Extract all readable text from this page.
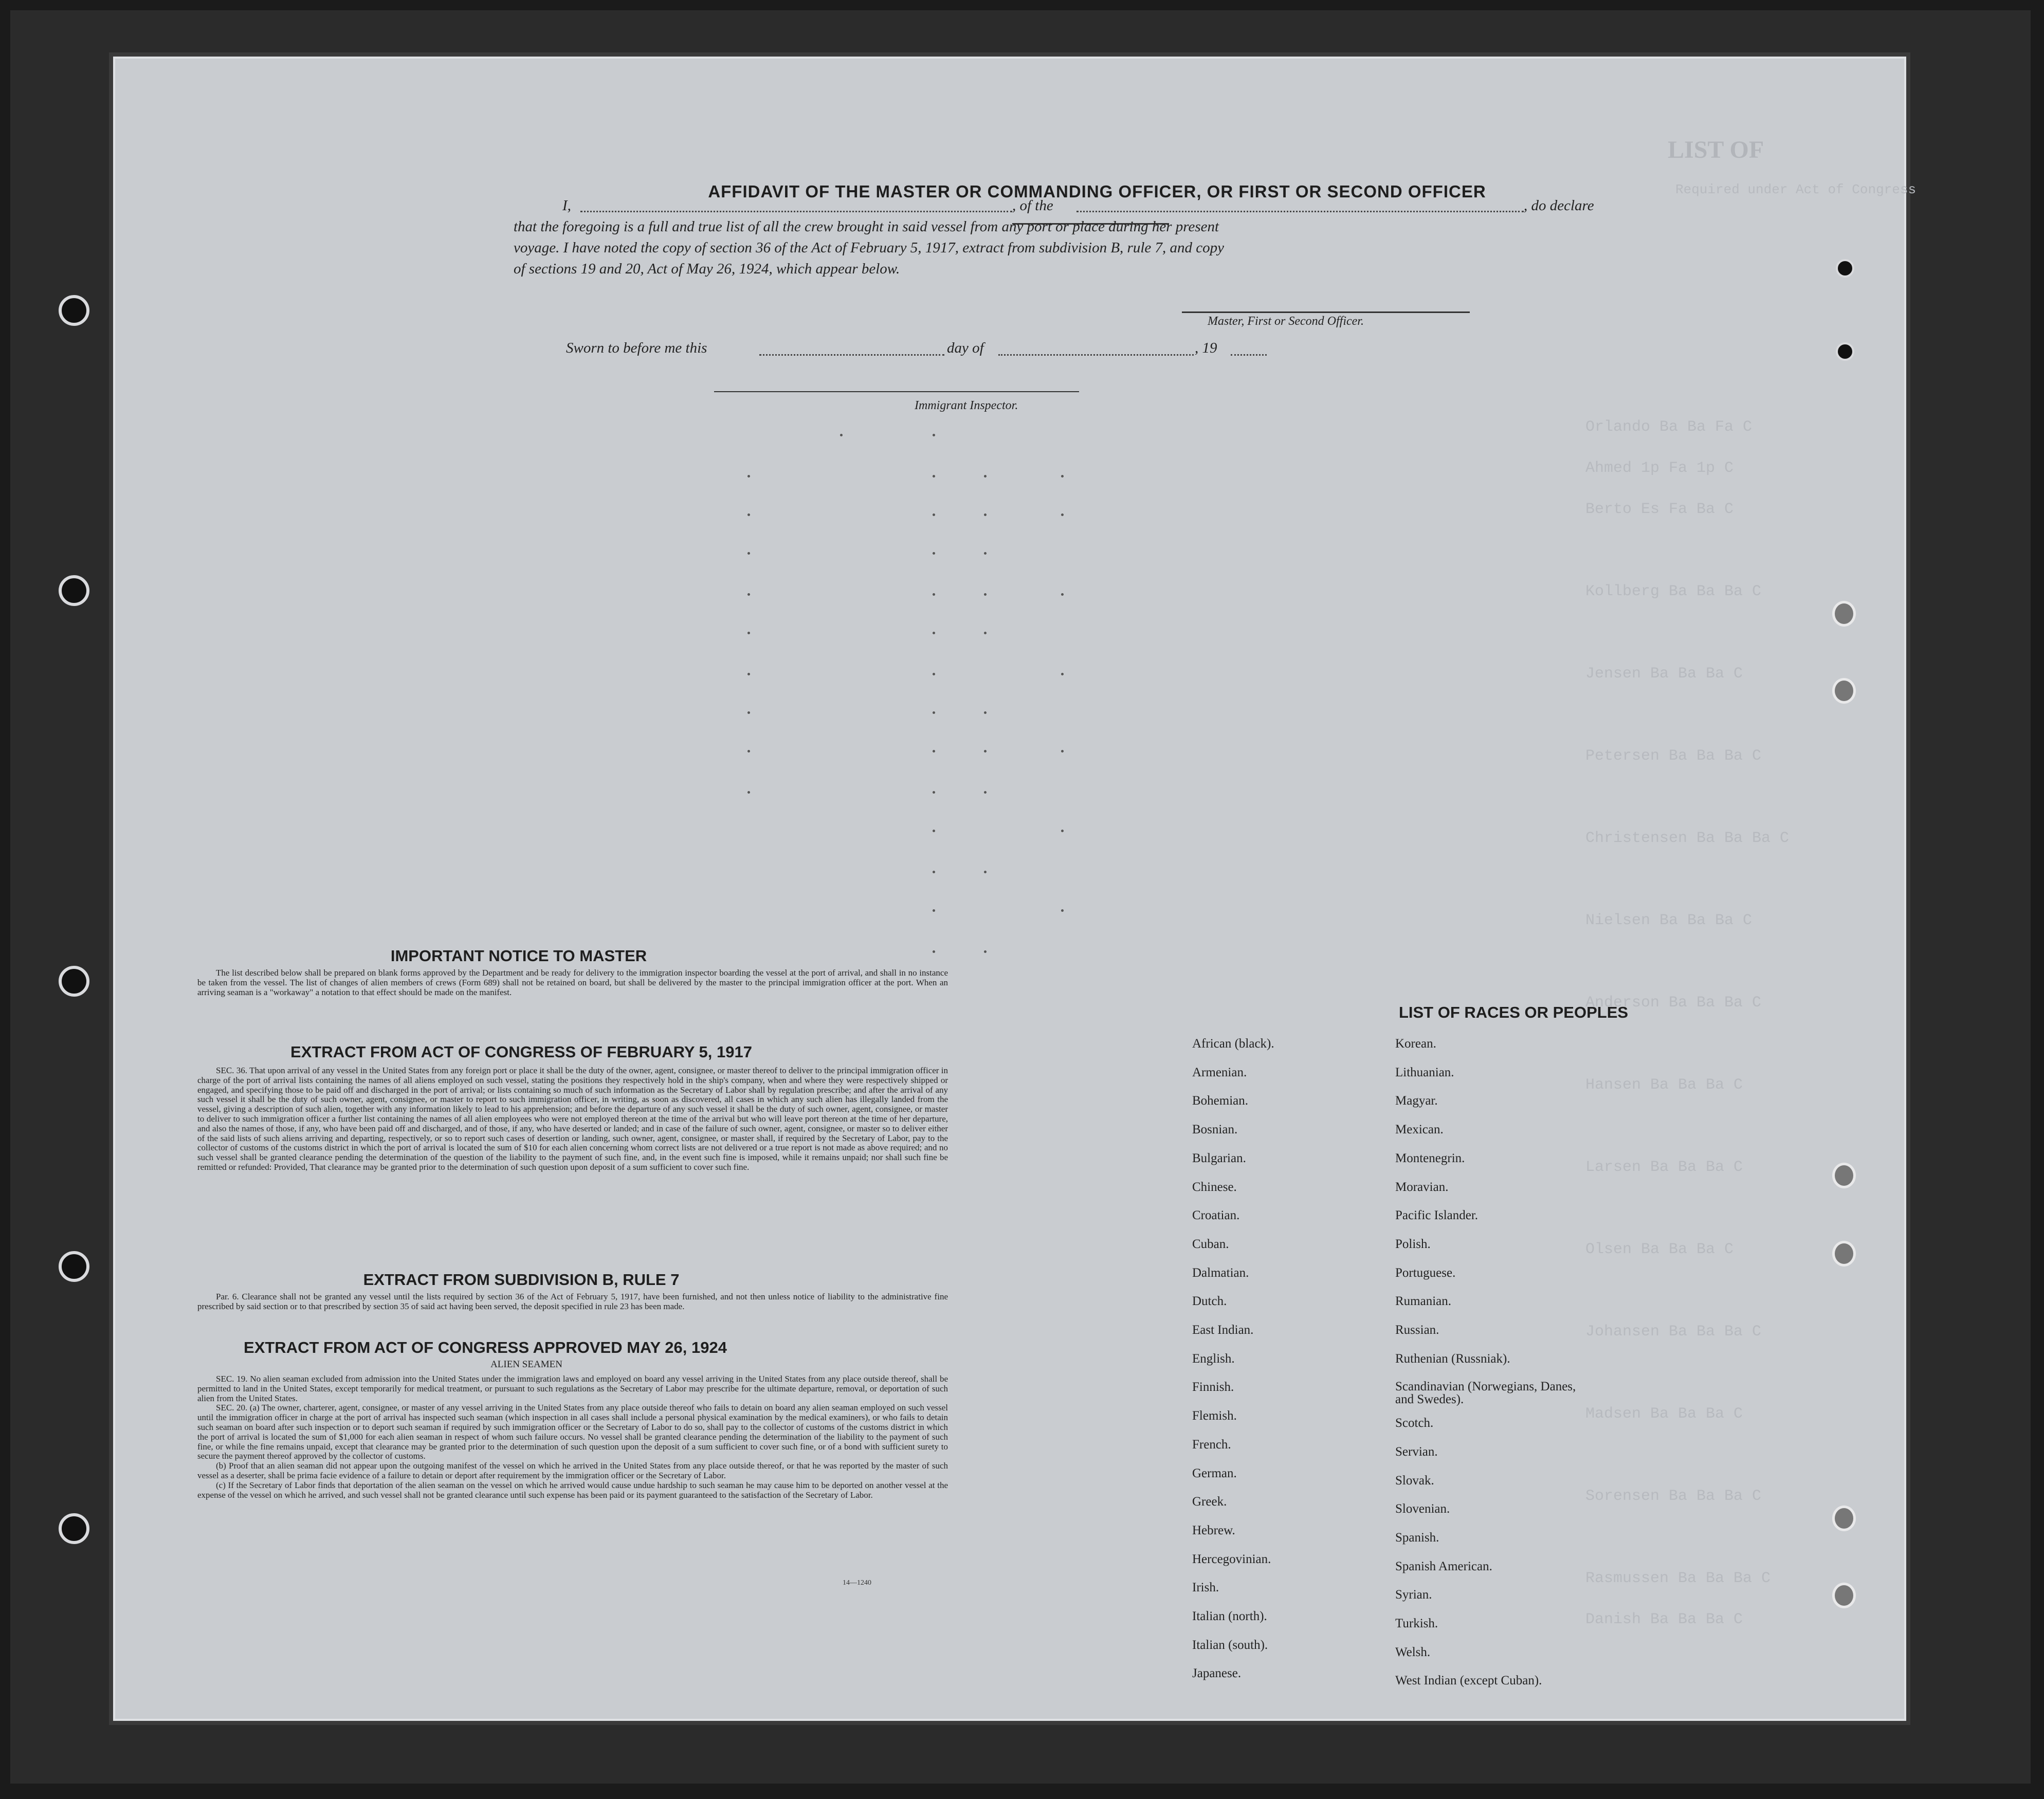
LIST OF
Required under Act of Congress
Orlando Ba Ba Fa C
Ahmed 1p Fa 1p C
Berto Es Fa Ba C
Kollberg Ba Ba Ba C
Jensen Ba Ba Ba C
Petersen Ba Ba Ba C
Christensen Ba Ba Ba C
Nielsen Ba Ba Ba C
Anderson Ba Ba Ba C
Hansen Ba Ba Ba C
Larsen Ba Ba Ba C
Olsen Ba Ba Ba C
Johansen Ba Ba Ba C
Madsen Ba Ba Ba C
Sorensen Ba Ba Ba C
Rasmussen Ba Ba Ba C
Danish Ba Ba Ba C
AFFIDAVIT OF THE MASTER OR COMMANDING OFFICER, OR FIRST OR SECOND OFFICER
I,	, of the	, do declare
that the foregoing is a full and true list of all the crew brought in said vessel from any port or place during her present
voyage. I have noted the copy of section 36 of the Act of February 5, 1917, extract from subdivision B, rule 7, and copy
of sections 19 and 20, Act of May 26, 1924, which appear below.
Master, First or Second Officer.
Sworn to before me this	day of	, 19
Immigrant Inspector.
IMPORTANT NOTICE TO MASTER

The list described below shall be prepared on blank forms approved by the Department and be ready for delivery to the immigration inspector boarding the vessel at the port of arrival, and shall in no instance be taken from the vessel. The list of changes of alien members of crews (Form 689) shall not be retained on board, but shall be delivered by the master to the principal immigration officer at the port. When an arriving seaman is a "workaway" a notation to that effect should be made on the manifest.

EXTRACT FROM ACT OF CONGRESS OF FEBRUARY 5, 1917

SEC. 36. That upon arrival of any vessel in the United States from any foreign port or place it shall be the duty of the owner, agent, consignee, or master thereof to deliver to the principal immigration officer in charge of the port of arrival lists containing the names of all aliens employed on such vessel, stating the positions they respectively hold in the ship's company, when and where they were respectively shipped or engaged, and specifying those to be paid off and discharged in the port of arrival; or lists containing so much of such information as the Secretary of Labor shall by regulation prescribe; and after the arrival of any such vessel it shall be the duty of such owner, agent, consignee, or master to report to such immigration officer, in writing, as soon as discovered, all cases in which any such alien has illegally landed from the vessel, giving a description of such alien, together with any information likely to lead to his apprehension; and before the departure of any such vessel it shall be the duty of such owner, agent, consignee, or master to deliver to such immigration officer a further list containing the names of all alien employees who were not employed thereon at the time of the arrival but who will leave port thereon at the time of her departure, and also the names of those, if any, who have been paid off and discharged, and of those, if any, who have deserted or landed; and in case of the failure of such owner, agent, consignee, or master so to deliver either of the said lists of such aliens arriving and departing, respectively, or so to report such cases of desertion or landing, such owner, agent, consignee, or master shall, if required by the Secretary of Labor, pay to the collector of customs of the customs district in which the port of arrival is located the sum of $10 for each alien concerning whom correct lists are not delivered or a true report is not made as above required; and no such vessel shall be granted clearance pending the determination of the question of the liability to the payment of such fine, and, in the event such fine is imposed, while it remains unpaid; nor shall such fine be remitted or refunded: Provided, That clearance may be granted prior to the determination of such question upon deposit of a sum sufficient to cover such fine.

EXTRACT FROM SUBDIVISION B, RULE 7

Par. 6. Clearance shall not be granted any vessel until the lists required by section 36 of the Act of February 5, 1917, have been furnished, and not then unless notice of liability to the administrative fine prescribed by said section or to that prescribed by section 35 of said act having been served, the deposit specified in rule 23 has been made.

EXTRACT FROM ACT OF CONGRESS APPROVED MAY 26, 1924
ALIEN SEAMEN

SEC. 19. No alien seaman excluded from admission into the United States under the immigration laws and employed on board any vessel arriving in the United States from any place outside thereof, shall be permitted to land in the United States, except temporarily for medical treatment, or pursuant to such regulations as the Secretary of Labor may prescribe for the ultimate departure, removal, or deportation of such alien from the United States.

SEC. 20. (a) The owner, charterer, agent, consignee, or master of any vessel arriving in the United States from any place outside thereof who fails to detain on board any alien seaman employed on such vessel until the immigration officer in charge at the port of arrival has inspected such seaman (which inspection in all cases shall include a personal physical examination by the medical examiners), or who fails to detain such seaman on board after such inspection or to deport such seaman if required by such immigration officer or the Secretary of Labor to do so, shall pay to the collector of customs of the customs district in which the port of arrival is located the sum of $1,000 for each alien seaman in respect of whom such failure occurs. No vessel shall be granted clearance pending the determination of the liability to the payment of such fine, or while the fine remains unpaid, except that clearance may be granted prior to the determination of such question upon the deposit of a sum sufficient to cover such fine, or of a bond with sufficient surety to secure the payment thereof approved by the collector of customs.

(b) Proof that an alien seaman did not appear upon the outgoing manifest of the vessel on which he arrived in the United States from any place outside thereof, or that he was reported by the master of such vessel as a deserter, shall be prima facie evidence of a failure to detain or deport after requirement by the immigration officer or the Secretary of Labor.

(c) If the Secretary of Labor finds that deportation of the alien seaman on the vessel on which he arrived would cause undue hardship to such seaman he may cause him to be deported on another vessel at the expense of the vessel on which he arrived, and such vessel shall not be granted clearance until such expense has been paid or its payment guaranteed to the satisfaction of the Secretary of Labor.

14—1240
LIST OF RACES OR PEOPLES
African (black).
Armenian.
Bohemian.
Bosnian.
Bulgarian.
Chinese.
Croatian.
Cuban.
Dalmatian.
Dutch.
East Indian.
English.
Finnish.
Flemish.
French.
German.
Greek.
Hebrew.
Hercegovinian.
Irish.
Italian (north).
Italian (south).
Japanese.
Korean.
Lithuanian.
Magyar.
Mexican.
Montenegrin.
Moravian.
Pacific Islander.
Polish.
Portuguese.
Rumanian.
Russian.
Ruthenian (Russniak).
Scandinavian (Norwegians, Danes, and Swedes).
Scotch.
Servian.
Slovak.
Slovenian.
Spanish.
Spanish American.
Syrian.
Turkish.
Welsh.
West Indian (except Cuban).
